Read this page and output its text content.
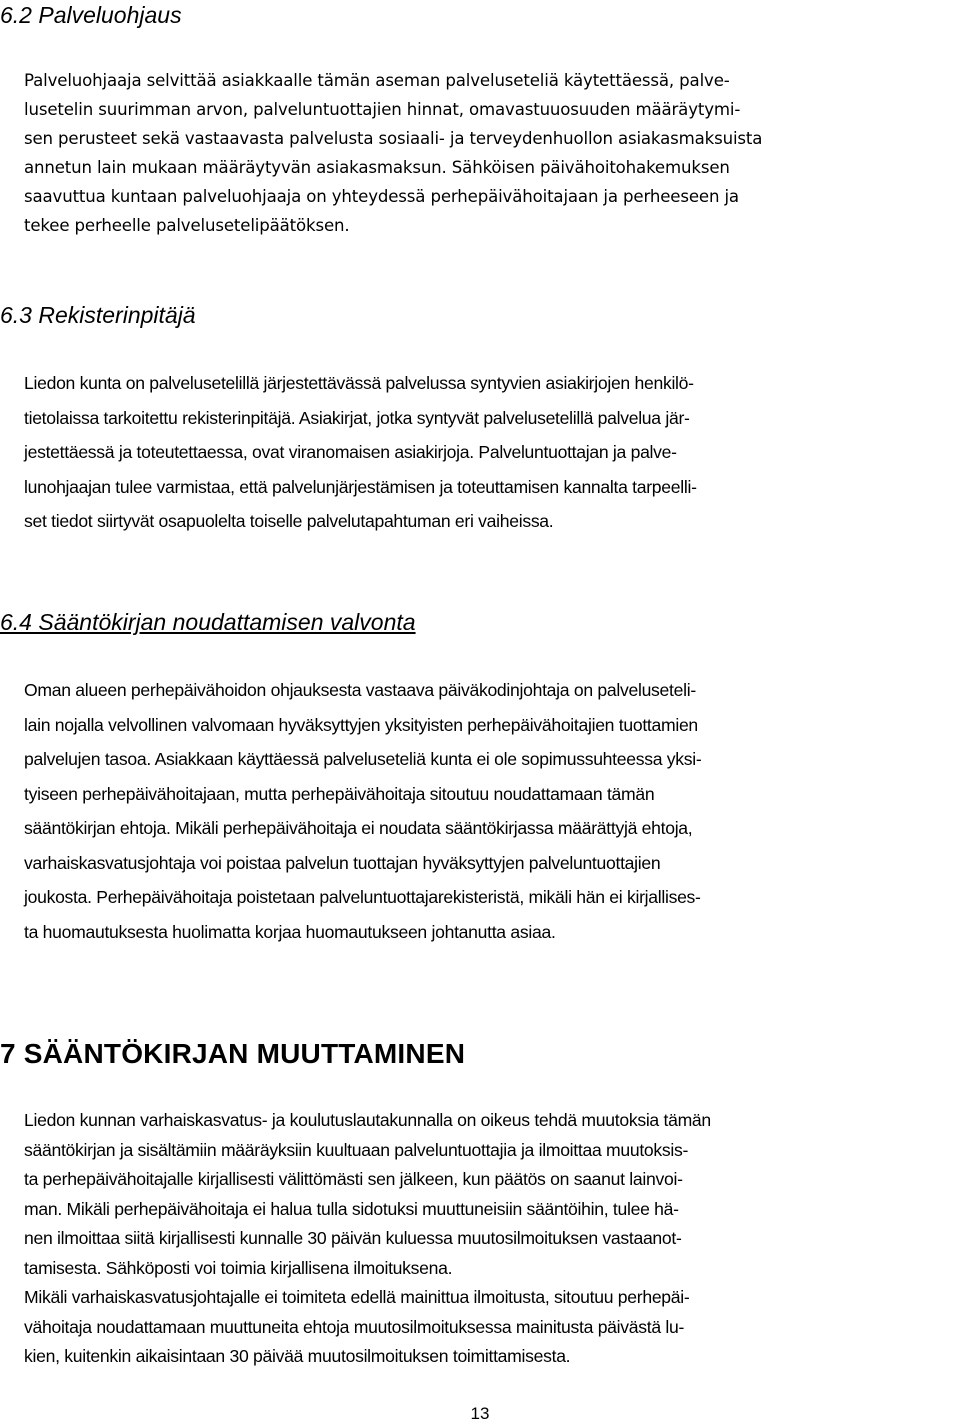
6.2 Palveluohjaus
Palveluohjaaja selvittää asiakkaalle tämän aseman palveluseteliä käytettäessä, palve-
lusetelin suurimman arvon, palveluntuottajien hinnat, omavastuuosuuden määräytymi-
sen perusteet sekä vastaavasta palvelusta sosiaali- ja terveydenhuollon asiakasmaksuista
annetun lain mukaan määräytyvän asiakasmaksun. Sähköisen päivähoitohakemuksen
saavuttua kuntaan palveluohjaaja on yhteydessä perhepäivähoitajaan ja perheeseen ja
tekee perheelle palvelusetelipäätöksen.
6.3 Rekisterinpitäjä
Liedon kunta on palvelusetelillä järjestettävässä palvelussa syntyvien asiakirjojen henkilö-
tietolaissa tarkoitettu rekisterinpitäjä. Asiakirjat, jotka syntyvät palvelusetelillä palvelua jär-
jestettäessä ja toteutettaessa, ovat viranomaisen asiakirjoja. Palveluntuottajan ja palve-
lunohjaajan tulee varmistaa, että palvelunjärjestämisen ja toteuttamisen kannalta tarpeelli-
set tiedot siirtyvät osapuolelta toiselle palvelutapahtuman eri vaiheissa.
6.4 Sääntökirjan noudattamisen valvonta
Oman alueen perhepäivähoidon ohjauksesta vastaava päiväkodinjohtaja on palveluseteli-
lain nojalla velvollinen valvomaan hyväksyttyjen yksityisten perhepäivähoitajien tuottamien
palvelujen tasoa. Asiakkaan käyttäessä palveluseteliä kunta ei ole sopimussuhteessa yksi-
tyiseen perhepäivähoitajaan, mutta perhepäivähoitaja sitoutuu noudattamaan tämän
sääntökirjan ehtoja. Mikäli perhepäivähoitaja ei noudata sääntökirjassa määrättyjä ehtoja,
varhaiskasvatusjohtaja voi poistaa palvelun tuottajan hyväksyttyjen palveluntuottajien
joukosta. Perhepäivähoitaja poistetaan palveluntuottajarekisteristä, mikäli hän ei kirjallises-
ta huomautuksesta huolimatta korjaa huomautukseen johtanutta asiaa.
7 SÄÄNTÖKIRJAN MUUTTAMINEN
Liedon kunnan varhaiskasvatus- ja koulutuslautakunnalla on oikeus tehdä muutoksia tämän
sääntökirjan ja sisältämiin määräyksiin kuultuaan palveluntuottajia ja ilmoittaa muutoksis-
ta perhepäivähoitajalle kirjallisesti välittömästi sen jälkeen, kun päätös on saanut lainvoi-
man. Mikäli perhepäivähoitaja ei halua tulla sidotuksi muuttuneisiin sääntöihin, tulee hä-
nen ilmoittaa siitä kirjallisesti kunnalle 30 päivän kuluessa muutosilmoituksen vastaanot-
tamisesta. Sähköposti voi toimia kirjallisena ilmoituksena.
Mikäli varhaiskasvatusjohtajalle ei toimiteta edellä mainittua ilmoitusta, sitoutuu perhepäi-
vähoitaja noudattamaan muuttuneita ehtoja muutosilmoituksessa mainitusta päivästä lu-
kien, kuitenkin aikaisintaan 30 päivää muutosilmoituksen toimittamisesta.

13
